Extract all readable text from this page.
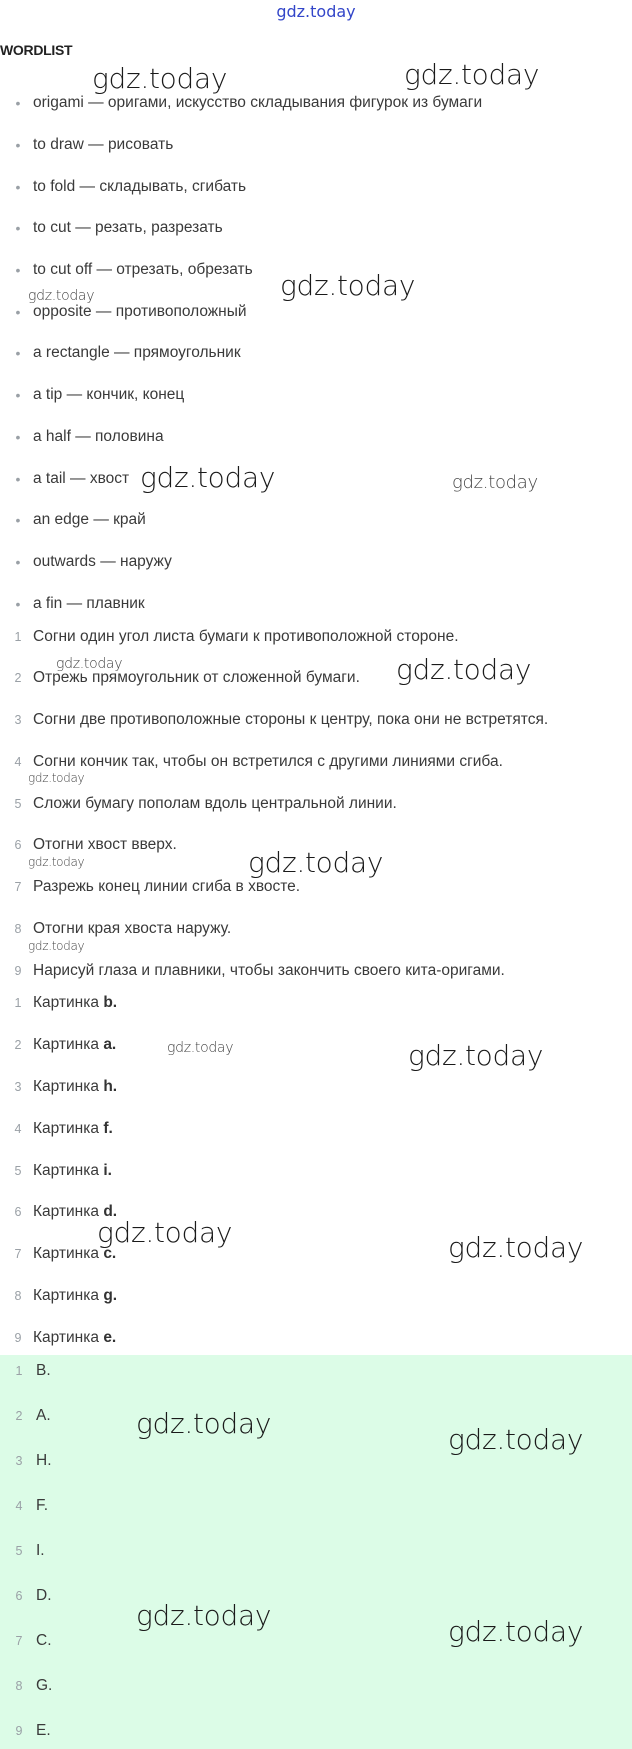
gdz.today
WORDLIST
• origami — оригами, искусство складывания фигурок из бумаги
• to draw — рисовать
• to fold — складывать, сгибать
• to cut — резать, разрезать
• to cut off — отрезать, обрезать
• opposite — противоположный
• a rectangle — прямоугольник
• a tip — кончик, конец
• a half — половина
• a tail — хвост
• an edge — край
• outwards — наружу
• a fin — плавник
1 Согни один угол листа бумаги к противоположной стороне.
2 Отрежь прямоугольник от сложенной бумаги.
3 Согни две противоположные стороны к центру, пока они не встретятся.
4 Согни кончик так, чтобы он встретился с другими линиями сгиба.
5 Сложи бумагу пополам вдоль центральной линии.
6 Отогни хвост вверх.
7 Разрежь конец линии сгиба в хвосте.
8 Отогни края хвоста наружу.
9 Нарисуй глаза и плавники, чтобы закончить своего кита-оригами.
1 Картинка b.
2 Картинка a.
3 Картинка h.
4 Картинка f.
5 Картинка i.
6 Картинка d.
7 Картинка c.
8 Картинка g.
9 Картинка e.
1 B.
2 A.
3 H.
4 F.
5 I.
6 D.
7 C.
8 G.
9 E.
gdz.today	gdz.today
gdz.today	gdz.today
gdz.today	gdz.today
gdz.today	gdz.today
gdz.today
gdz.today	gdz.today
gdz.today
gdz.today	gdz.today
gdz.today	gdz.today
gdz.today	gdz.today
gdz.today	gdz.today
